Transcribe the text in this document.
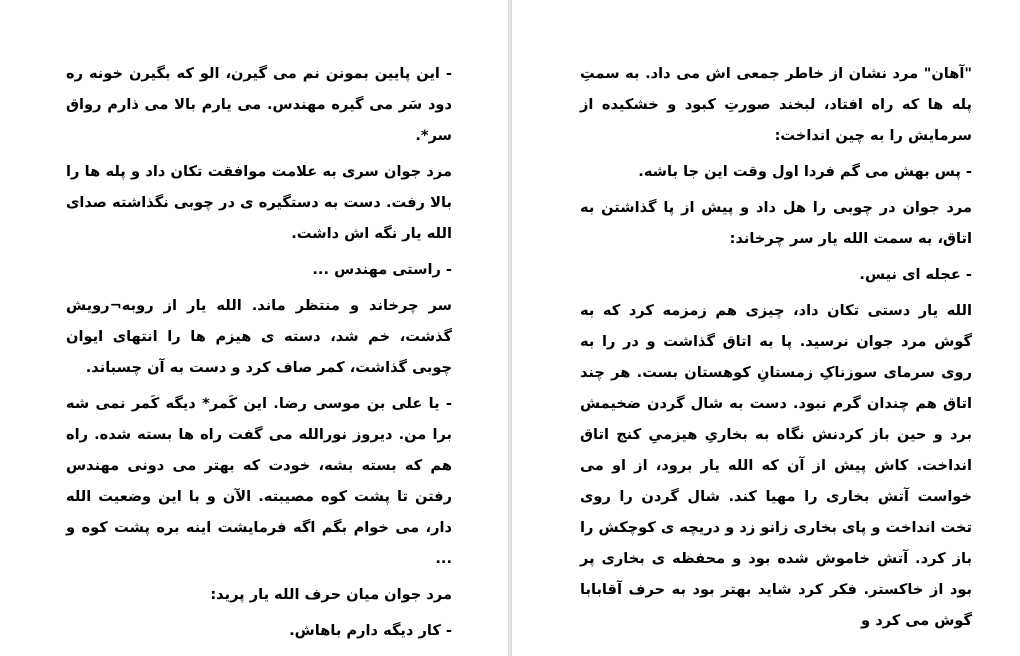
- این پایین بمونن نم می گیرن، الو که بگیرن خونه ره دود سَر می گیره مهندس. می یارم بالا می ذارم رواق سر*.

مرد جوان سری به علامت موافقت تکان داد و پله ها را بالا رفت. دست به دستگیره ی در چوبی نگذاشته صدای الله یار نگه اش داشت.

- راستی مهندس ...

سر چرخاند و منتظر ماند. الله یار از روبه¬رویش گذشت، خم شد، دسته ی هیزم ها را انتهای ایوان چوبی گذاشت، کمر صاف کرد و دست به آن چسباند.

- یا علی بن موسی رضا. این کَمر* دیگه کَمر نمی شه برا من. دیروز نورالله می گفت راه ها بسته شده. راه هم که بسته بشه، خودت که بهتر می دونی مهندس رفتن تا پشت کوه مصیبته. الآن و با این وضعیت الله دار، می خوام بگم اگه فرمایشت اینه بره پشت کوه و ...

مرد جوان میان حرف الله یار پرید:

- کار دیگه دارم باهاش.

"آهان" مرد نشان از خاطر جمعی اش می داد. به سمتِ پله ها که راه افتاد، لبخند صورتِ کبود و خشکیده از سرمایش را به چین انداخت:

- پس بهش می گم فردا اول وقت این جا باشه.

مرد جوان در چوبی را هل داد و پیش از پا گذاشتن به اتاق، به سمت الله یار سر چرخاند:

- عجله ای نیس.

الله یار دستی تکان داد، چیزی هم زمزمه کرد که به گوش مرد جوان نرسید. پا به اتاق گذاشت و در را به روی سرمای سوزناکِ زمستانِ کوهستان بست. هر چند اتاق هم چندان گرم نبود. دست به شال گردن ضخیمش برد و حین باز کردنش نگاه به بخاریِ هیزمیِ کنج اتاق انداخت. کاش پیش از آن که الله یار برود، از او می خواست آتش بخاری را مهیا کند. شال گردن را روی تخت انداخت و پای بخاری زانو زد و دریچه ی کوچکش را باز کرد. آتش خاموش شده بود و محفظه ی بخاری پر بود از خاکستر. فکر کرد شاید بهتر بود به حرف آقابابا گوش می کرد و
